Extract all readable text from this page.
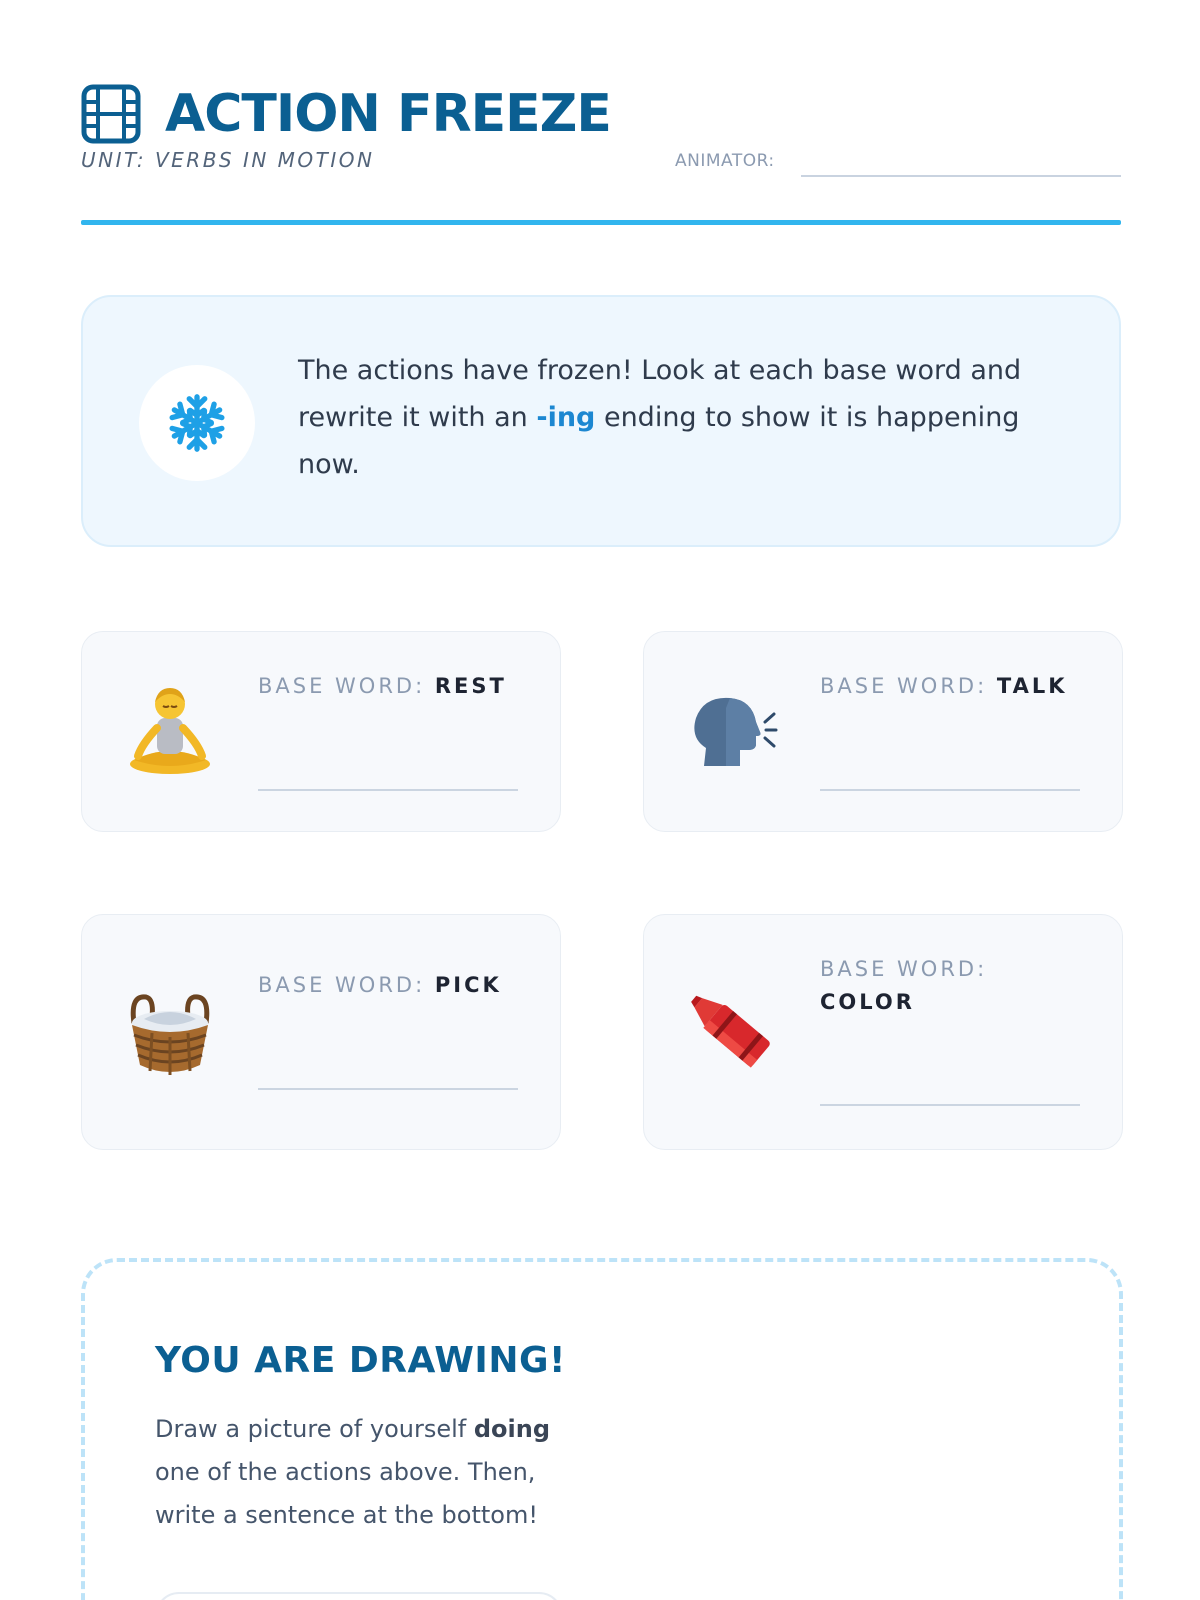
ACTION FREEZE
UNIT: VERBS IN MOTION	ANIMATOR:

The actions have frozen! Look at each base word and rewrite it with an -ing ending to show it is happening now.

BASE WORD: REST	BASE WORD: TALK
BASE WORD: PICK
BASE WORD:
COLOR
YOU ARE DRAWING!

Draw a picture of yourself doing one of the actions above. Then, write a sentence at the bottom!
